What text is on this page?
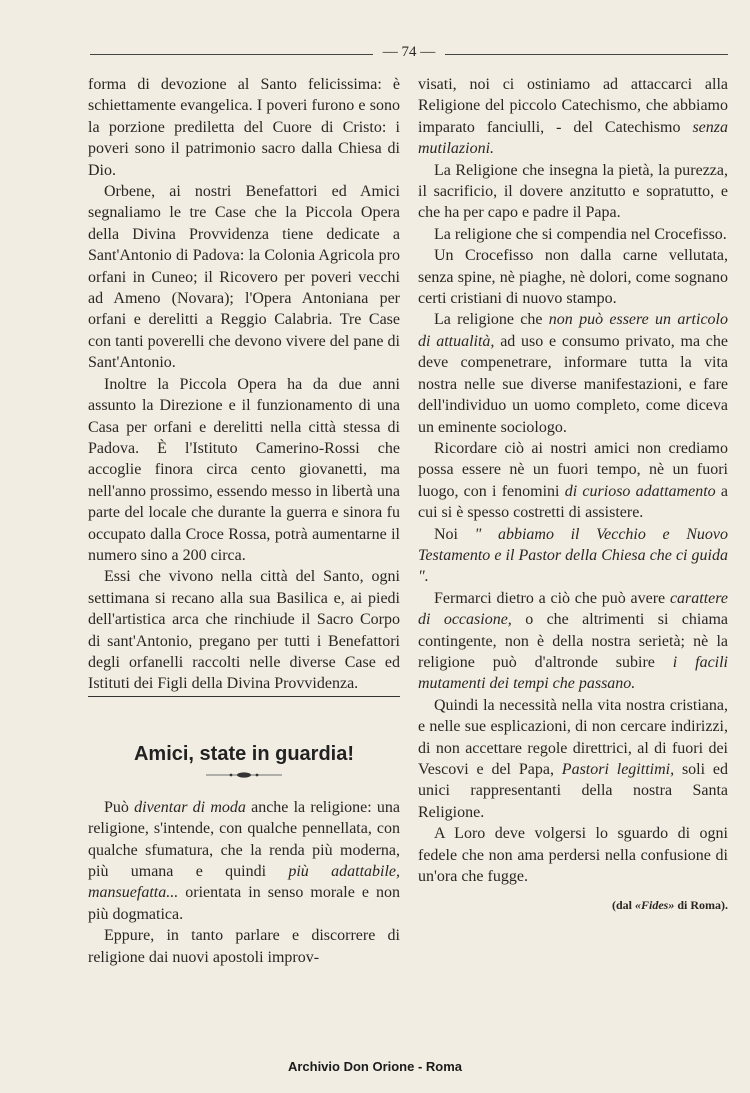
— 74 —

forma di devozione al Santo felicissima: è schiettamente evangelica. I poveri furono e sono la porzione prediletta del Cuore di Cristo: i poveri sono il patrimonio sacro dalla Chiesa di Dio.

Orbene, ai nostri Benefattori ed Amici segnaliamo le tre Case che la Piccola Opera della Divina Provvidenza tiene dedicate a Sant'Antonio di Padova: la Colonia Agricola pro orfani in Cuneo; il Ricovero per poveri vecchi ad Ameno (Novara); l'Opera Antoniana per orfani e derelitti a Reggio Calabria. Tre Case con tanti poverelli che devono vivere del pane di Sant'Antonio.

Inoltre la Piccola Opera ha da due anni assunto la Direzione e il funzionamento di una Casa per orfani e derelitti nella città stessa di Padova. È l'Istituto Camerino-Rossi che accoglie finora circa cento giovanetti, ma nell'anno prossimo, essendo messo in libertà una parte del locale che durante la guerra e sinora fu occupato dalla Croce Rossa, potrà aumentarne il numero sino a 200 circa.

Essi che vivono nella città del Santo, ogni settimana si recano alla sua Basilica e, ai piedi dell'artistica arca che rinchiude il Sacro Corpo di sant'Antonio, pregano per tutti i Benefattori degli orfanelli raccolti nelle diverse Case ed Istituti dei Figli della Divina Provvidenza.

Amici, state in guardia!

Può diventar di moda anche la religione: una religione, s'intende, con qualche pennellata, con qualche sfumatura, che la renda più moderna, più umana e quindi più adattabile, mansuefatta... orientata in senso morale e non più dogmatica.

Eppure, in tanto parlare e discorrere di religione dai nuovi apostoli improv-

visati, noi ci ostiniamo ad attaccarci alla Religione del piccolo Catechismo, che abbiamo imparato fanciulli, - del Catechismo senza mutilazioni.

La Religione che insegna la pietà, la purezza, il sacrificio, il dovere anzitutto e sopratutto, e che ha per capo e padre il Papa.

La religione che si compendia nel Crocefisso.

Un Crocefisso non dalla carne vellutata, senza spine, nè piaghe, nè dolori, come sognano certi cristiani di nuovo stampo.

La religione che non può essere un articolo di attualità, ad uso e consumo privato, ma che deve compenetrare, informare tutta la vita nostra nelle sue diverse manifestazioni, e fare dell'individuo un uomo completo, come diceva un eminente sociologo.

Ricordare ciò ai nostri amici non crediamo possa essere nè un fuori tempo, nè un fuori luogo, con i fenomini di curioso adattamento a cui si è spesso costretti di assistere.

Noi " abbiamo il Vecchio e Nuovo Testamento e il Pastor della Chiesa che ci guida ".

Fermarci dietro a ciò che può avere carattere di occasione, o che altrimenti si chiama contingente, non è della nostra serietà; nè la religione può d'altronde subire i facili mutamenti dei tempi che passano.

Quindi la necessità nella vita nostra cristiana, e nelle sue esplicazioni, di non cercare indirizzi, di non accettare regole direttrici, al di fuori dei Vescovi e del Papa, Pastori legittimi, soli ed unici rappresentanti della nostra Santa Religione.

A Loro deve volgersi lo sguardo di ogni fedele che non ama perdersi nella confusione di un'ora che fugge.

(dal «Fides» di Roma).

Archivio Don Orione - Roma
